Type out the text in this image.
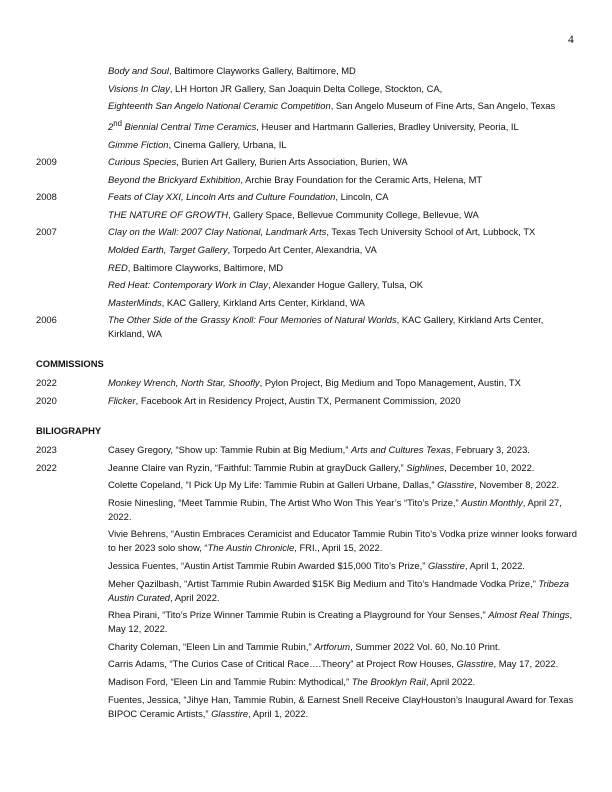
4
Body and Soul, Baltimore Clayworks Gallery, Baltimore, MD
Visions In Clay, LH Horton JR Gallery, San Joaquin Delta College, Stockton, CA,
Eighteenth San Angelo National Ceramic Competition, San Angelo Museum of Fine Arts, San Angelo, Texas
2nd Biennial Central Time Ceramics, Heuser and Hartmann Galleries, Bradley University, Peoria, IL
Gimme Fiction, Cinema Gallery, Urbana, IL
2009	Curious Species, Burien Art Gallery, Burien Arts Association, Burien, WA
Beyond the Brickyard Exhibition, Archie Bray Foundation for the Ceramic Arts, Helena, MT
2008	Feats of Clay XXI, Lincoln Arts and Culture Foundation, Lincoln, CA
THE NATURE OF GROWTH, Gallery Space, Bellevue Community College, Bellevue, WA
2007	Clay on the Wall: 2007 Clay National, Landmark Arts, Texas Tech University School of Art, Lubbock, TX
Molded Earth, Target Gallery, Torpedo Art Center, Alexandria, VA
RED, Baltimore Clayworks, Baltimore, MD
Red Heat: Contemporary Work in Clay, Alexander Hogue Gallery, Tulsa, OK
MasterMinds, KAC Gallery, Kirkland Arts Center, Kirkland, WA
2006	The Other Side of the Grassy Knoll: Four Memories of Natural Worlds, KAC Gallery, Kirkland Arts Center, Kirkland, WA
COMMISSIONS
2022	Monkey Wrench, North Star, Shoofly, Pylon Project, Big Medium and Topo Management, Austin, TX
2020	Flicker, Facebook Art in Residency Project, Austin TX, Permanent Commission, 2020
BILIOGRAPHY
2023	Casey Gregory, “Show up: Tammie Rubin at Big Medium,” Arts and Cultures Texas, February 3, 2023.
2022	Jeanne Claire van Ryzin, “Faithful: Tammie Rubin at grayDuck Gallery,” Sighlines, December 10, 2022.
Colette Copeland, “I Pick Up My Life: Tammie Rubin at Galleri Urbane, Dallas,” Glasstire, November 8, 2022.
Rosie Ninesling, “Meet Tammie Rubin, The Artist Who Won This Year’s “Tito’s Prize,” Austin Monthly, April 27, 2022.
Vivie Behrens, “Austin Embraces Ceramicist and Educator Tammie Rubin Tito’s Vodka prize winner looks forward to her 2023 solo show, “The Austin Chronicle, FRI., April 15, 2022.
Jessica Fuentes, “Austin Artist Tammie Rubin Awarded $15,000 Tito’s Prize,” Glasstire, April 1, 2022.
Meher Qazilbash, “Artist Tammie Rubin Awarded $15K Big Medium and Tito’s Handmade Vodka Prize,” Tribeza Austin Curated, April 2022.
Rhea Pirani, “Tito’s Prize Winner Tammie Rubin is Creating a Playground for Your Senses,” Almost Real Things, May 12, 2022.
Charity Coleman, “Eleen Lin and Tammie Rubin,” Artforum, Summer 2022 Vol. 60, No.10 Print.
Carris Adams, “The Curios Case of Critical Race….Theory” at Project Row Houses, Glasstire, May 17, 2022.
Madison Ford, “Eleen Lin and Tammie Rubin: Mythodical,” The Brooklyn Rail, April 2022.
Fuentes, Jessica, “Jihye Han, Tammie Rubin, & Earnest Snell Receive ClayHouston’s Inaugural Award for Texas BIPOC Ceramic Artists,” Glasstire, April 1, 2022.
